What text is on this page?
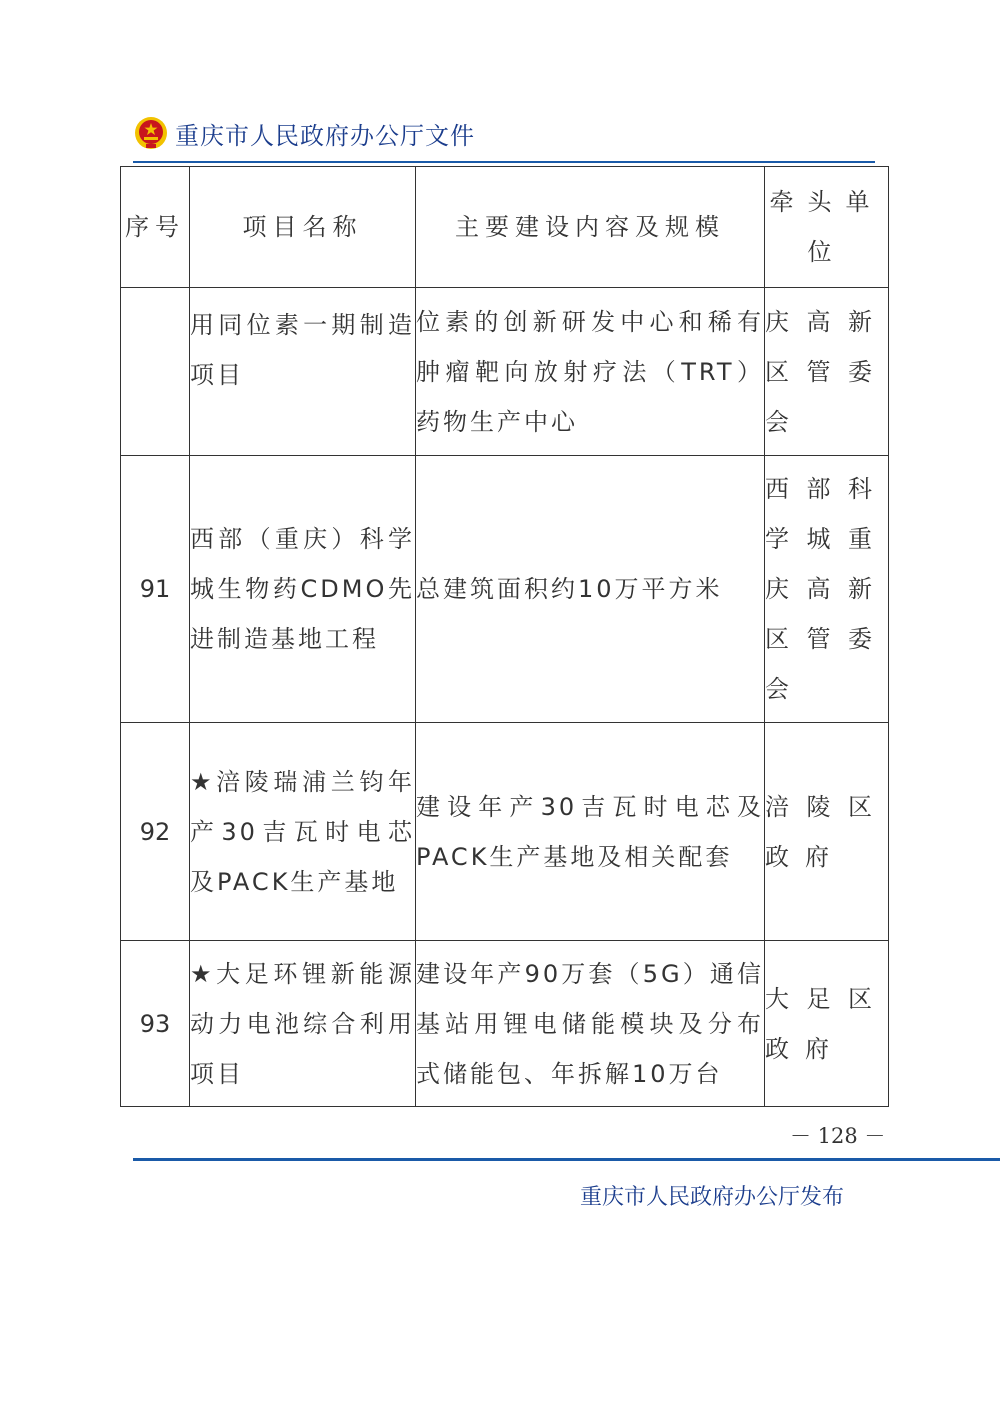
重庆市人民政府办公厅文件
序号	项目名称	主要建设内容及规模	牵头单位
	用同位素一期制造项目	位素的创新研发中心和稀有肿瘤靶向放射疗法（TRT）药物生产中心	庆高新区管委会
91	西部（重庆）科学城生物药CDMO先进制造基地工程	总建筑面积约10万平方米	西部科学城重庆高新区管委会
92	★涪陵瑞浦兰钧年产30吉瓦时电芯及PACK生产基地	建设年产30吉瓦时电芯及PACK生产基地及相关配套	涪陵区政府
93	★大足环锂新能源动力电池综合利用项目	建设年产90万套（5G）通信基站用锂电储能模块及分布式储能包、年拆解10万台	大足区政府
－ 128 －
重庆市人民政府办公厅发布
